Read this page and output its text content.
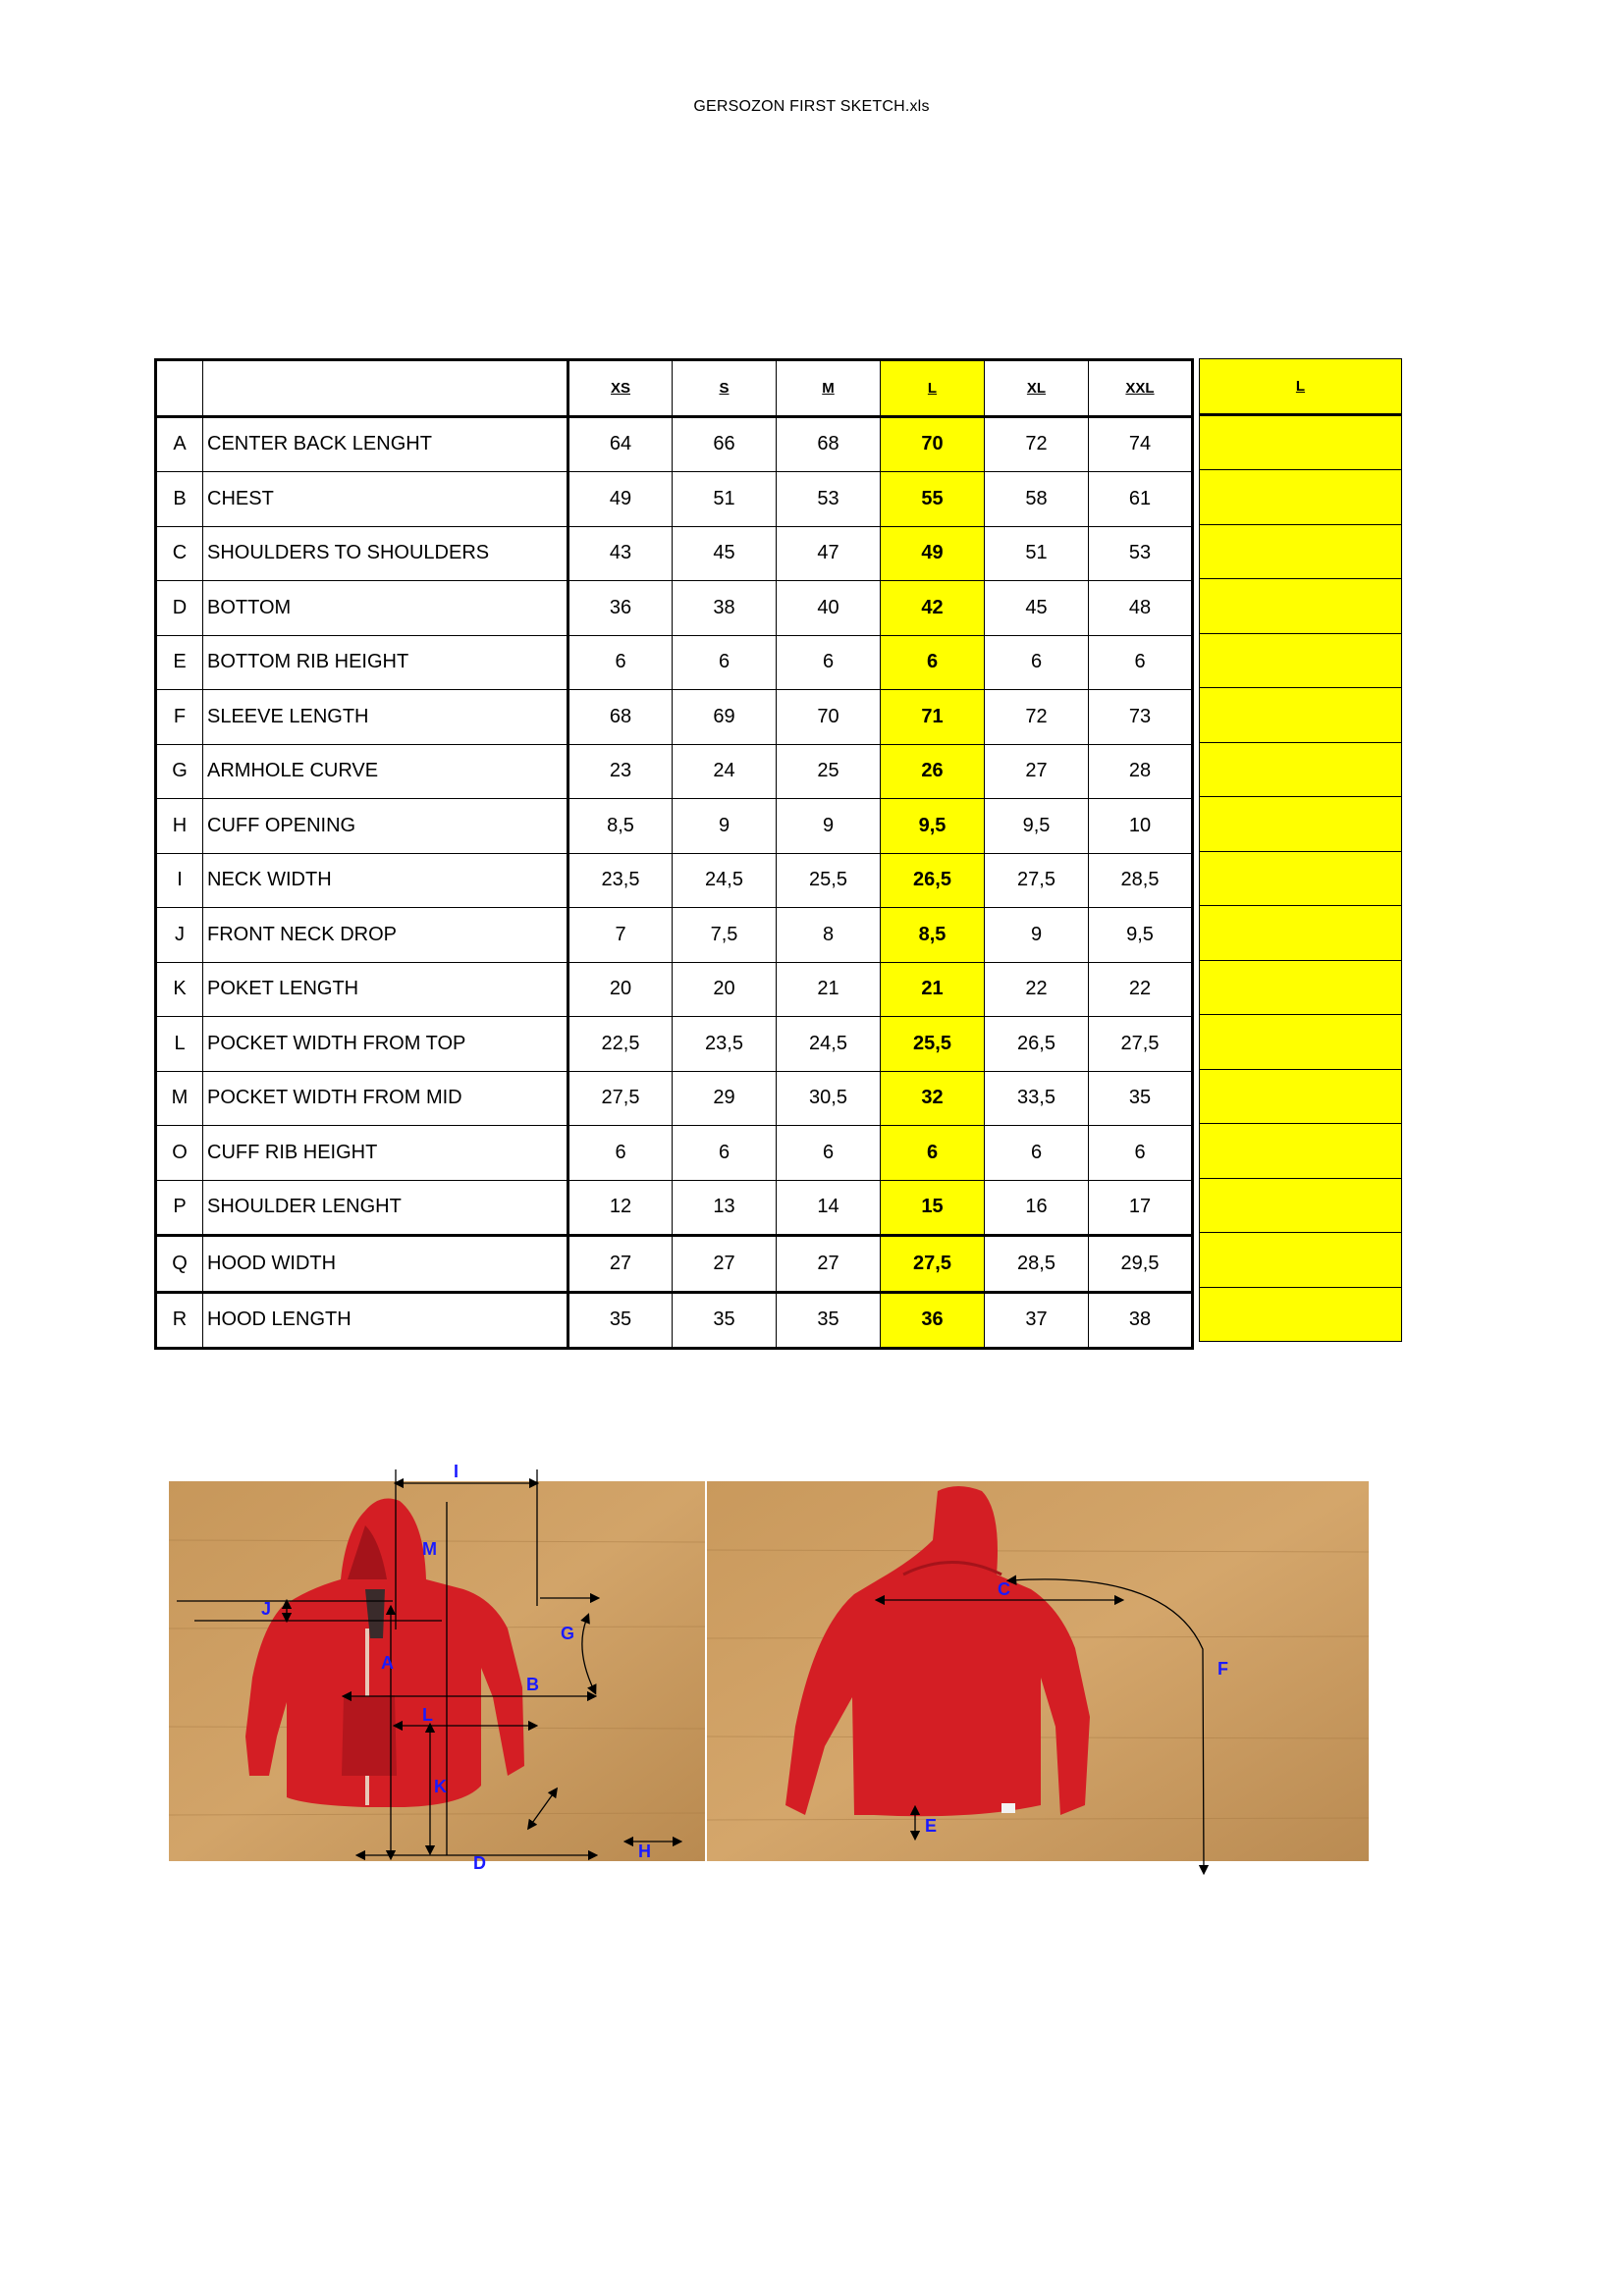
GERSOZON FIRST SKETCH.xls
		XS	S	M	L	XL	XXL
A	CENTER BACK LENGHT	64	66	68	70	72	74
B	CHEST	49	51	53	55	58	61
C	SHOULDERS TO SHOULDERS	43	45	47	49	51	53
D	BOTTOM	36	38	40	42	45	48
E	BOTTOM RIB HEIGHT	6	6	6	6	6	6
F	SLEEVE LENGTH	68	69	70	71	72	73
G	ARMHOLE CURVE	23	24	25	26	27	28
H	CUFF OPENING	8,5	9	9	9,5	9,5	10
I	NECK WIDTH	23,5	24,5	25,5	26,5	27,5	28,5
J	FRONT NECK DROP	7	7,5	8	8,5	9	9,5
K	POKET LENGTH	20	20	21	21	22	22
L	POCKET WIDTH FROM TOP	22,5	23,5	24,5	25,5	26,5	27,5
M	POCKET WIDTH FROM MID	27,5	29	30,5	32	33,5	35
O	CUFF RIB HEIGHT	6	6	6	6	6	6
P	SHOULDER LENGHT	12	13	14	15	16	17
Q	HOOD WIDTH	27	27	27	27,5	28,5	29,5
R	HOOD LENGTH	35	35	35	36	37	38
L

I
M
J
G
A
B
L
K
H
D
C
F
E
